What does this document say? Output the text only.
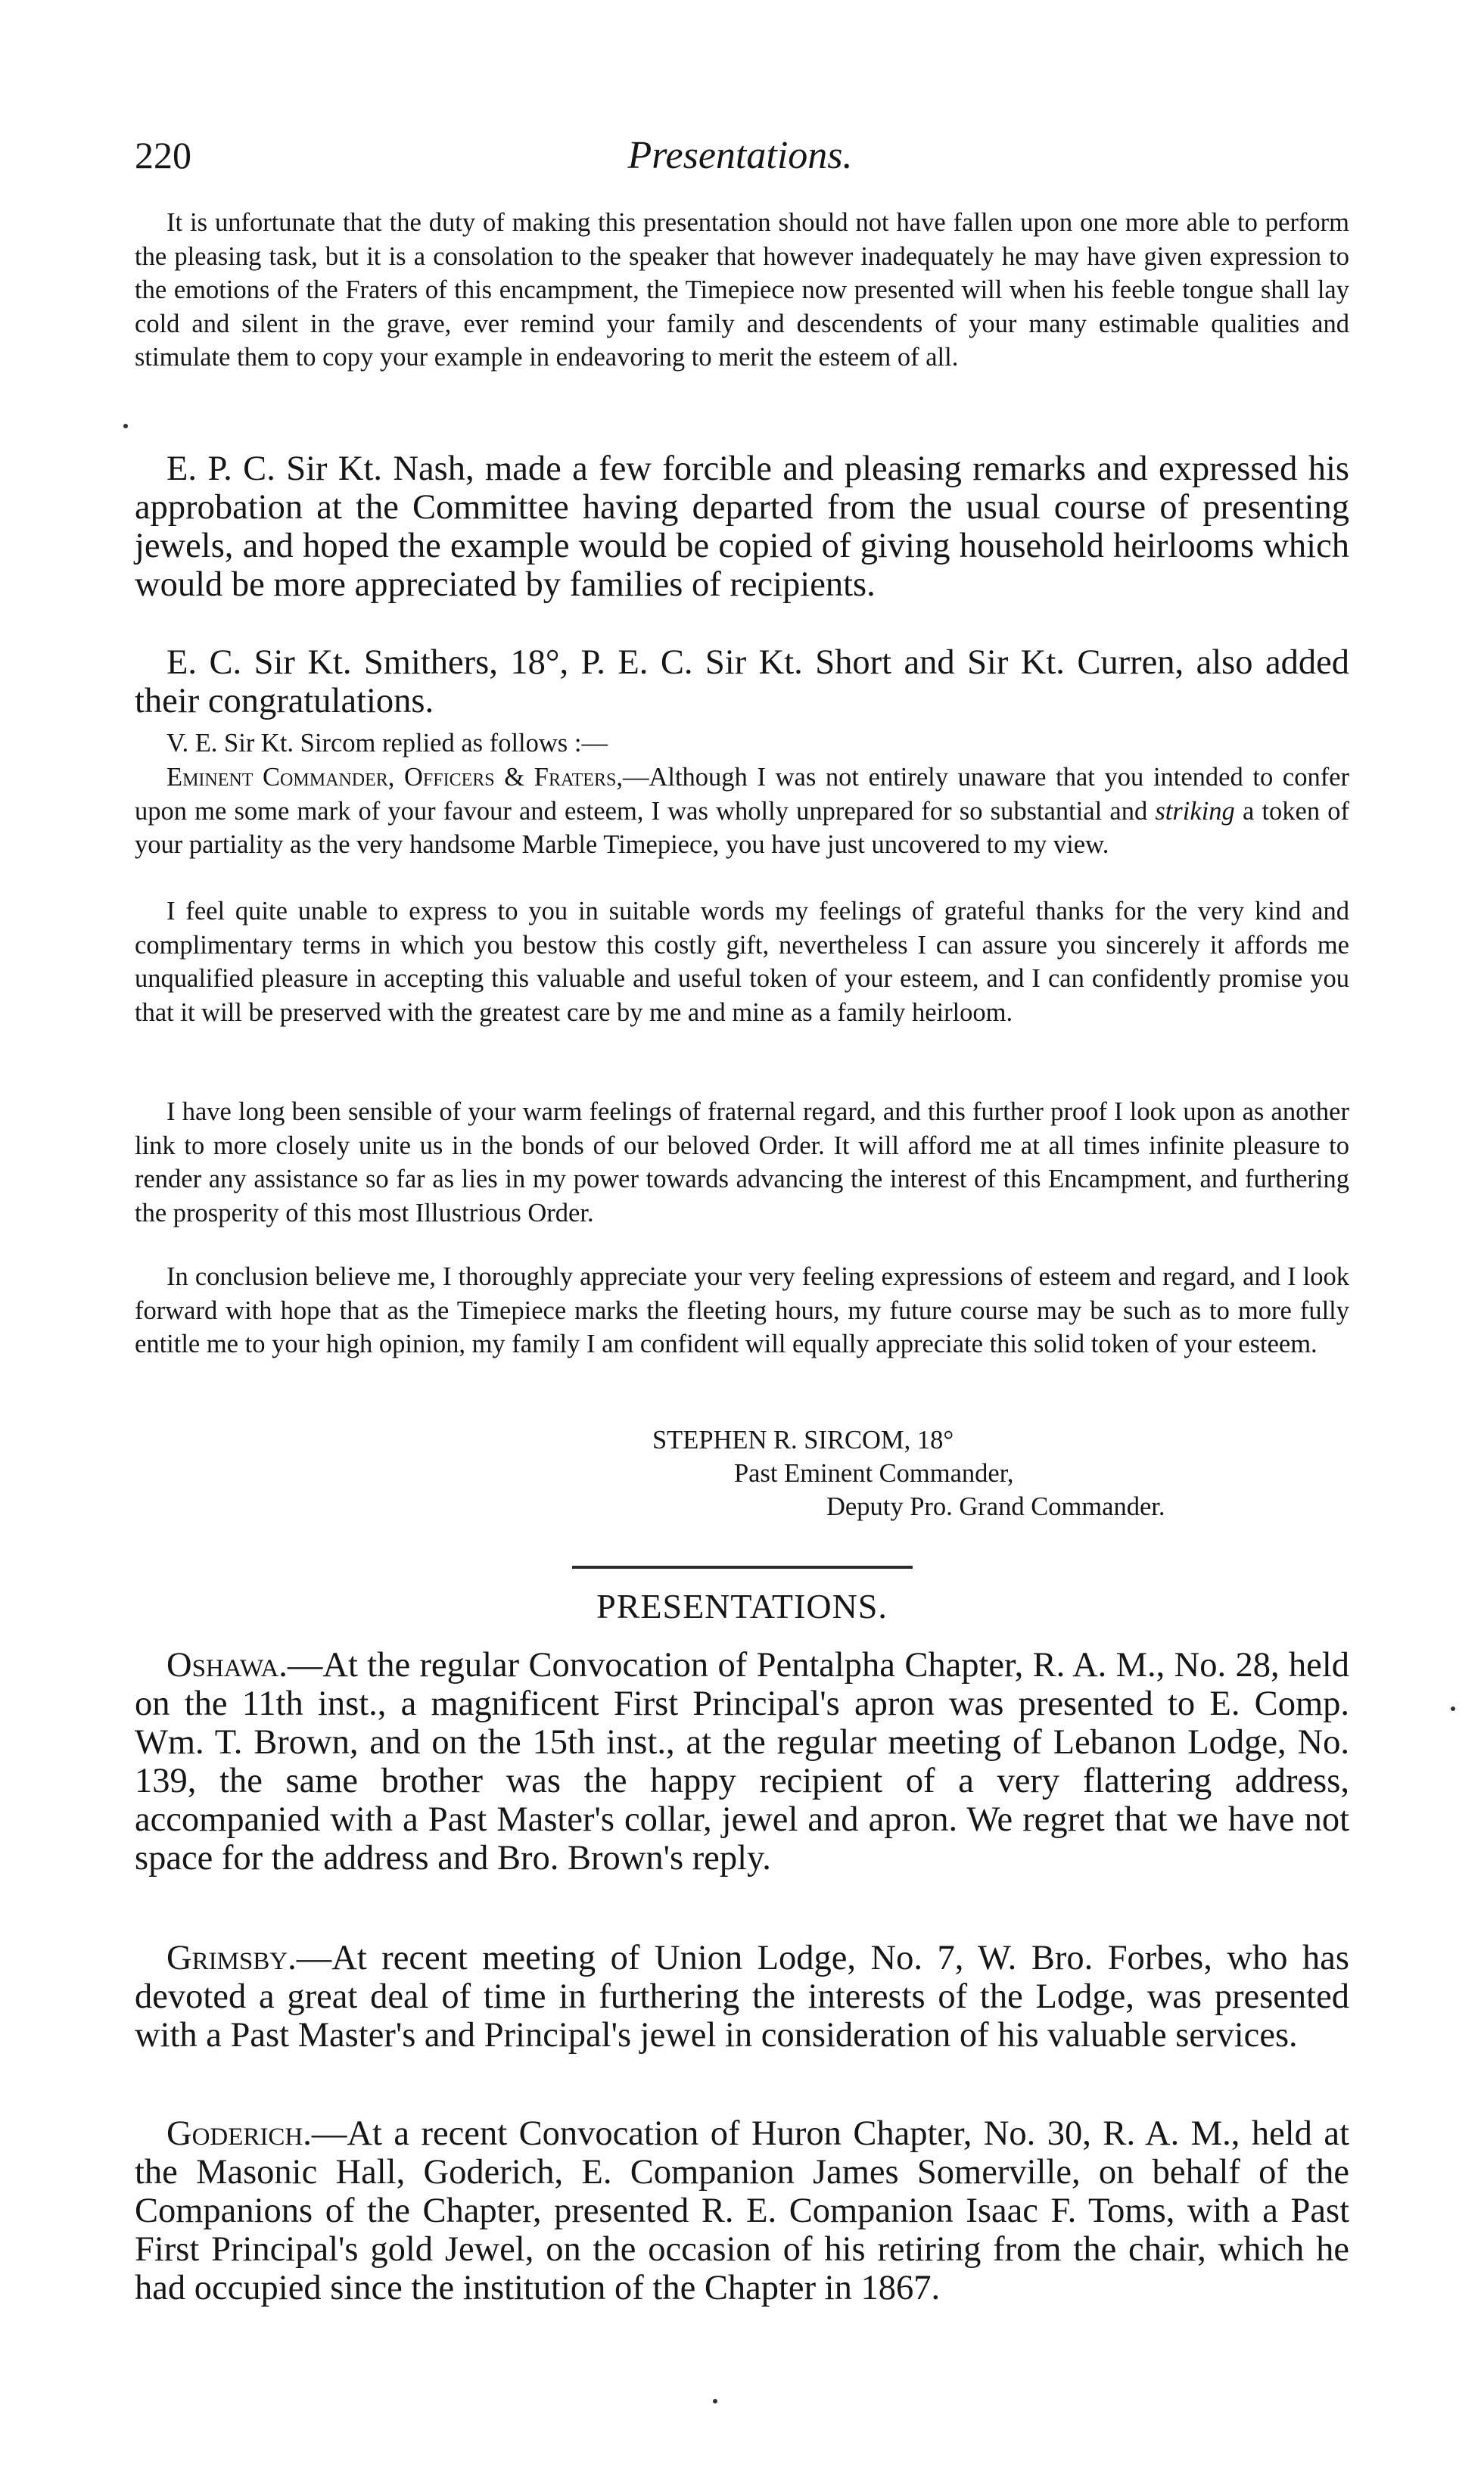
220	Presentations.

It is unfortunate that the duty of making this presentation should not have fallen upon one more able to perform the pleasing task, but it is a consolation to the speaker that however inadequately he may have given expression to the emotions of the Fraters of this encampment, the Timepiece now presented will when his feeble tongue shall lay cold and silent in the grave, ever remind your family and descendents of your many estimable qualities and stimulate them to copy your example in endeavoring to merit the esteem of all.

E. P. C. Sir Kt. Nash, made a few forcible and pleasing remarks and expressed his approbation at the Committee having departed from the usual course of presenting jewels, and hoped the example would be copied of giving household heirlooms which would be more appreciated by families of recipients.

E. C. Sir Kt. Smithers, 18°, P. E. C. Sir Kt. Short and Sir Kt. Curren, also added their congratulations.

V. E. Sir Kt. Sircom replied as follows :—

Eminent Commander, Officers & Fraters,—Although I was not entirely unaware that you intended to confer upon me some mark of your favour and esteem, I was wholly unprepared for so substantial and striking a token of your partiality as the very handsome Marble Timepiece, you have just uncovered to my view.

I feel quite unable to express to you in suitable words my feelings of grateful thanks for the very kind and complimentary terms in which you bestow this costly gift, nevertheless I can assure you sincerely it affords me unqualified pleasure in accepting this valuable and useful token of your esteem, and I can confidently promise you that it will be preserved with the greatest care by me and mine as a family heirloom.

I have long been sensible of your warm feelings of fraternal regard, and this further proof I look upon as another link to more closely unite us in the bonds of our beloved Order. It will afford me at all times infinite pleasure to render any assistance so far as lies in my power towards advancing the interest of this Encampment, and furthering the prosperity of this most Illustrious Order.

In conclusion believe me, I thoroughly appreciate your very feeling expressions of esteem and regard, and I look forward with hope that as the Timepiece marks the fleeting hours, my future course may be such as to more fully entitle me to your high opinion, my family I am confident will equally appreciate this solid token of your esteem.

STEPHEN R. SIRCOM, 18°
Past Eminent Commander,
Deputy Pro. Grand Commander.
PRESENTATIONS.

Oshawa.—At the regular Convocation of Pentalpha Chapter, R. A. M., No. 28, held on the 11th inst., a magnificent First Principal's apron was presented to E. Comp. Wm. T. Brown, and on the 15th inst., at the regular meeting of Lebanon Lodge, No. 139, the same brother was the happy recipient of a very flattering address, accompanied with a Past Master's collar, jewel and apron. We regret that we have not space for the address and Bro. Brown's reply.

Grimsby.—At recent meeting of Union Lodge, No. 7, W. Bro. Forbes, who has devoted a great deal of time in furthering the interests of the Lodge, was presented with a Past Master's and Principal's jewel in consideration of his valuable services.

Goderich.—At a recent Convocation of Huron Chapter, No. 30, R. A. M., held at the Masonic Hall, Goderich, E. Companion James Somerville, on behalf of the Companions of the Chapter, presented R. E. Companion Isaac F. Toms, with a Past First Principal's gold Jewel, on the occasion of his retiring from the chair, which he had occupied since the institution of the Chapter in 1867.
